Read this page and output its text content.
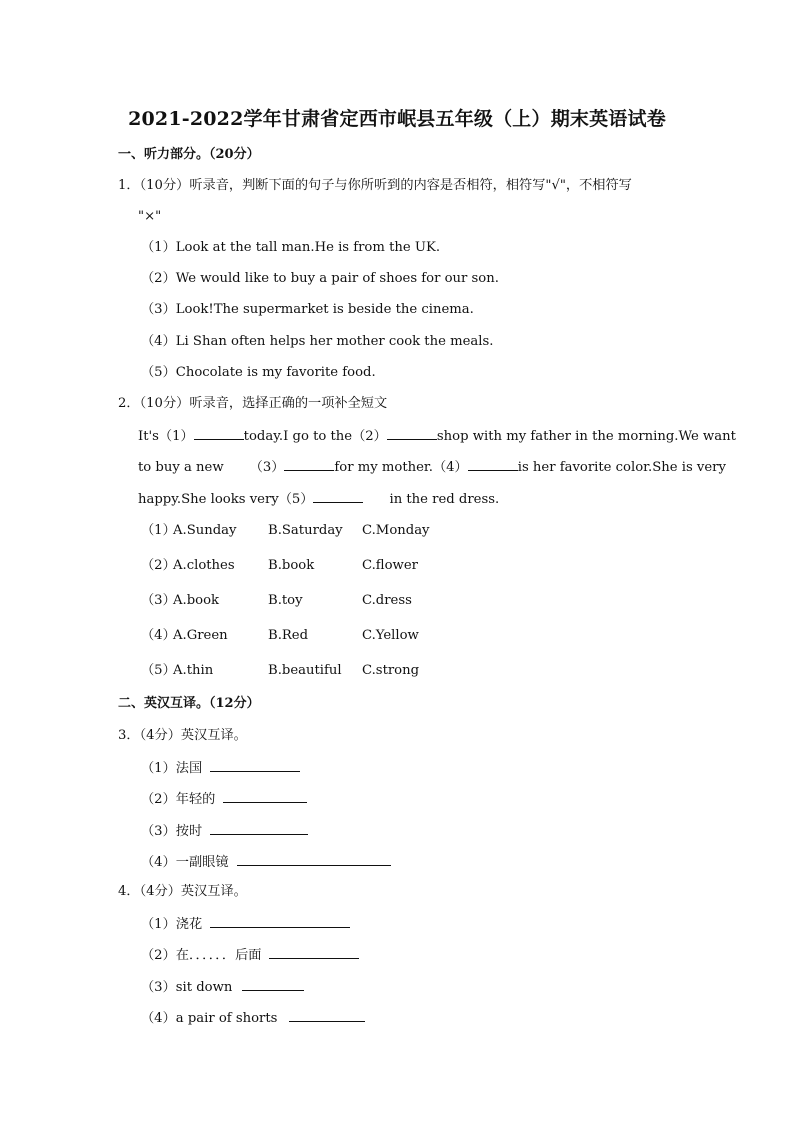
2021-2022学年甘肃省定西市岷县五年级（上）期末英语试卷
一、听力部分。（20分）
1．（10分）听录音，判断下面的句子与你所听到的内容是否相符，相符写"√"，不相符写
"×"
（1）Look at the tall man.He is from the UK.
（2）We would like to buy a pair of shoes for our son.
（3）Look!The supermarket is beside the cinema.
（4）Li Shan often helps her mother cook the meals.
（5）Chocolate is my favorite food.
2．（10分）听录音，选择正确的一项补全短文
It's（1）	today.I go to the（2）	shop with my father in the morning.We want
to buy a new （3）	for my mother.（4）	is her favorite color.She is very
happy.She looks very（5）	in the red dress.
（1）
A.Sunday B.Saturday C.Monday
（2）
A.clothes	B.book	C.flower
（3）
A.book	B.toy	C.dress
（4）
A.Green	B.Red	C.Yellow
（5）
A.thin	B.beautiful C.strong
二、英汉互译。（12分）
3．（4分）英汉互译。
（1）法国
（2）年轻的
（3）按时
（4）一副眼镜
4．（4分）英汉互译。
（1）浇花
（2）在．．．．．．后面
（3）sit down
（4）a pair of shorts
